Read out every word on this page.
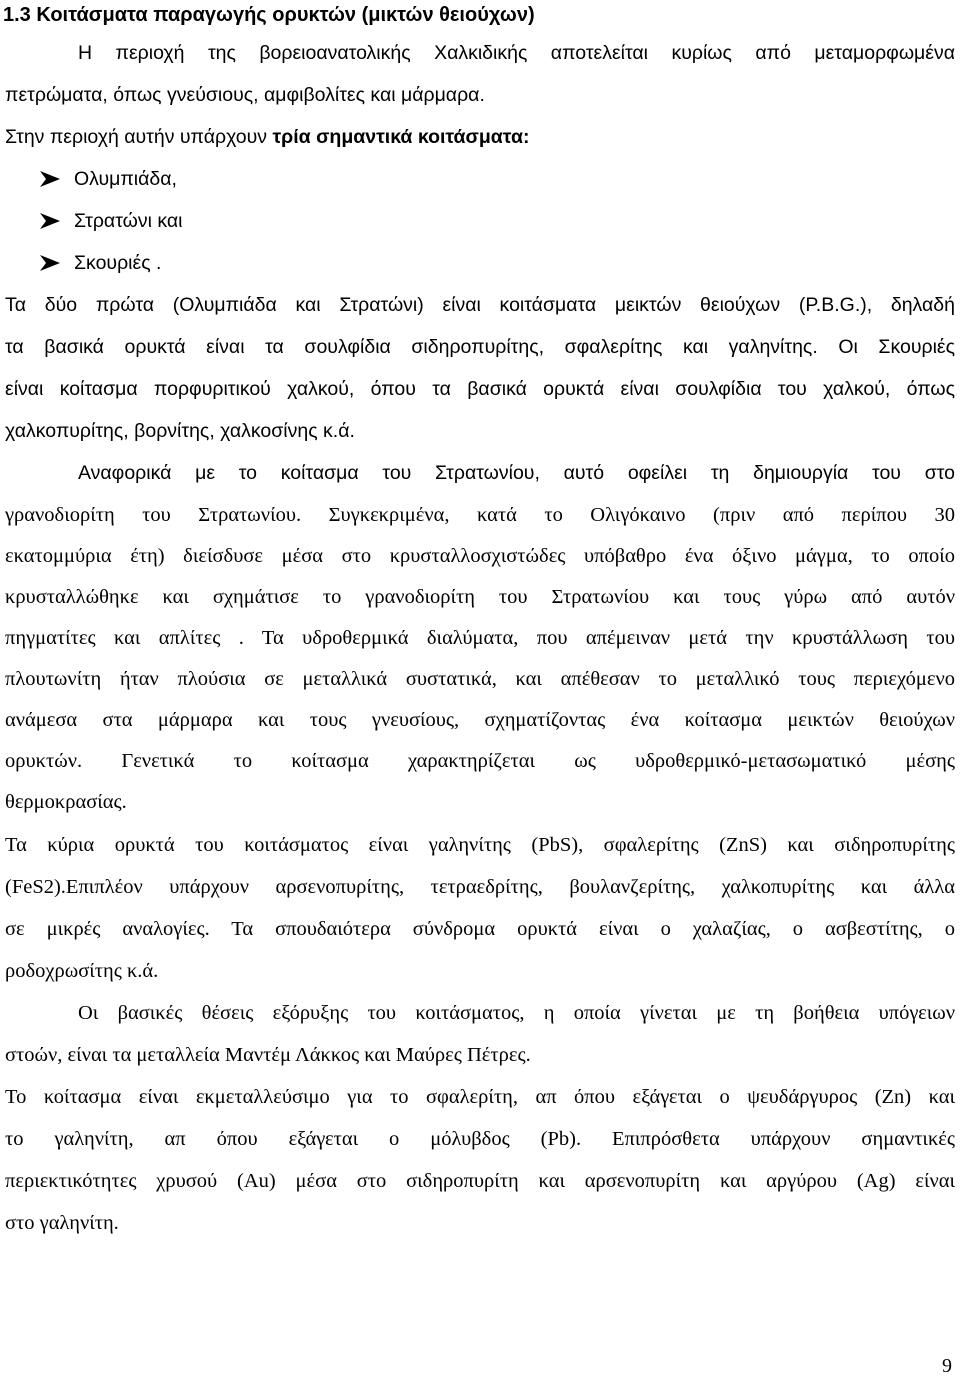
1.3 Κοιτάσματα παραγωγής ορυκτών (μικτών θειούχων)
Η περιοχή της βορειοανατολικής Χαλκιδικής αποτελείται κυρίως από μεταμορφωμένα
πετρώματα, όπως γνεύσιους, αμφιβολίτες και μάρμαρα.
Στην περιοχή αυτήν υπάρχουν τρία σημαντικά κοιτάσματα:
Ολυμπιάδα,
Στρατώνι και
Σκουριές .
Τα δύο πρώτα (Ολυμπιάδα και Στρατώνι) είναι κοιτάσματα μεικτών θειούχων (P.B.G.), δηλαδή
τα βασικά ορυκτά είναι τα σουλφίδια σιδηροπυρίτης, σφαλερίτης και γαληνίτης. Οι Σκουριές
είναι κοίτασμα πορφυριτικού χαλκού, όπου τα βασικά ορυκτά είναι σουλφίδια του χαλκού, όπως
χαλκοπυρίτης, βορνίτης, χαλκοσίνης κ.ά.
Αναφορικά με το κοίτασμα του Στρατωνίου, αυτό οφείλει τη δημιουργία του στο
γρανοδιορίτη του Στρατωνίου. Συγκεκριμένα, κατά το Ολιγόκαινο (πριν από περίπου 30
εκατομμύρια έτη) διείσδυσε μέσα στο κρυσταλλοσχιστώδες υπόβαθρο ένα όξινο μάγμα, το οποίο
κρυσταλλώθηκε και σχημάτισε το γρανοδιορίτη του Στρατωνίου και τους γύρω από αυτόν
πηγματίτες και απλίτες . Τα υδροθερμικά διαλύματα, που απέμειναν μετά την κρυστάλλωση του
πλουτωνίτη ήταν πλούσια σε μεταλλικά συστατικά, και απέθεσαν το μεταλλικό τους περιεχόμενο
ανάμεσα στα μάρμαρα και τους γνευσίους, σχηματίζοντας ένα κοίτασμα μεικτών θειούχων
ορυκτών. Γενετικά το κοίτασμα χαρακτηρίζεται ως υδροθερμικό-μετασωματικό μέσης
θερμοκρασίας.
Τα κύρια ορυκτά του κοιτάσματος είναι γαληνίτης (PbS), σφαλερίτης (ZnS) και σιδηροπυρίτης
(FeS2).Επιπλέον υπάρχουν αρσενοπυρίτης, τετραεδρίτης, βουλανζερίτης, χαλκοπυρίτης και άλλα
σε μικρές αναλογίες. Τα σπουδαιότερα σύνδρομα ορυκτά είναι ο χαλαζίας, ο ασβεστίτης, ο
ροδοχρωσίτης κ.ά.
Οι βασικές θέσεις εξόρυξης του κοιτάσματος, η οποία γίνεται με τη βοήθεια υπόγειων
στοών, είναι τα μεταλλεία Μαντέμ Λάκκος και Μαύρες Πέτρες.
Το κοίτασμα είναι εκμεταλλεύσιμο για το σφαλερίτη, απ όπου εξάγεται ο ψευδάργυρος (Zn) και
το γαληνίτη, απ όπου εξάγεται ο μόλυβδος (Pb). Επιπρόσθετα υπάρχουν σημαντικές
περιεκτικότητες χρυσού (Au) μέσα στο σιδηροπυρίτη και αρσενοπυρίτη και αργύρου (Ag) είναι
στο γαληνίτη.
9
